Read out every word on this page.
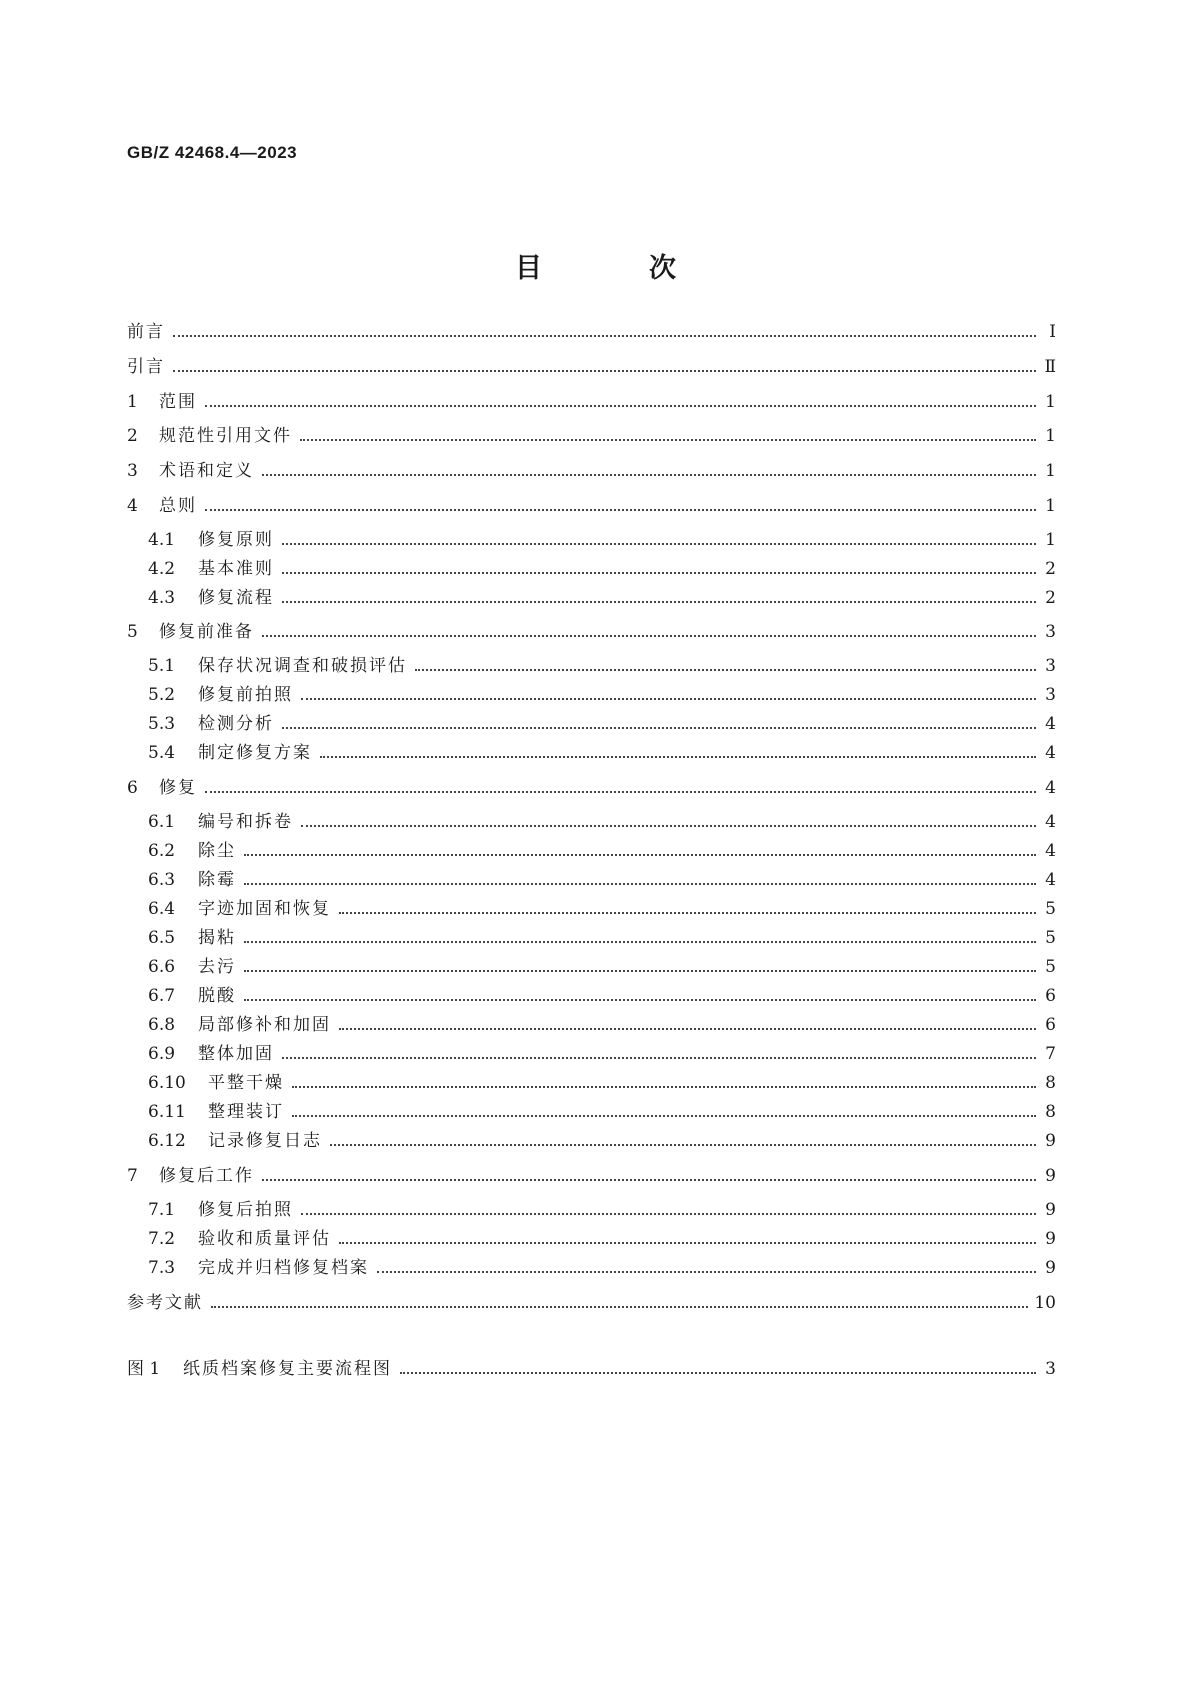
GB/Z 42468.4—2023
目　次
前言	Ⅰ
引言	Ⅱ
1	范围	1
2	规范性引用文件	1
3	术语和定义	1
4	总则	1
4.1	修复原则	1
4.2	基本准则	2
4.3	修复流程	2
5	修复前准备	3
5.1	保存状况调查和破损评估	3
5.2	修复前拍照	3
5.3	检测分析	4
5.4	制定修复方案	4
6	修复	4
6.1	编号和拆卷	4
6.2	除尘	4
6.3	除霉	4
6.4	字迹加固和恢复	5
6.5	揭粘	5
6.6	去污	5
6.7	脱酸	6
6.8	局部修补和加固	6
6.9	整体加固	7
6.10	平整干燥	8
6.11	整理装订	8
6.12	记录修复日志	9
7	修复后工作	9
7.1	修复后拍照	9
7.2	验收和质量评估	9
7.3	完成并归档修复档案	9
参考文献	10
图 1	纸质档案修复主要流程图	3
